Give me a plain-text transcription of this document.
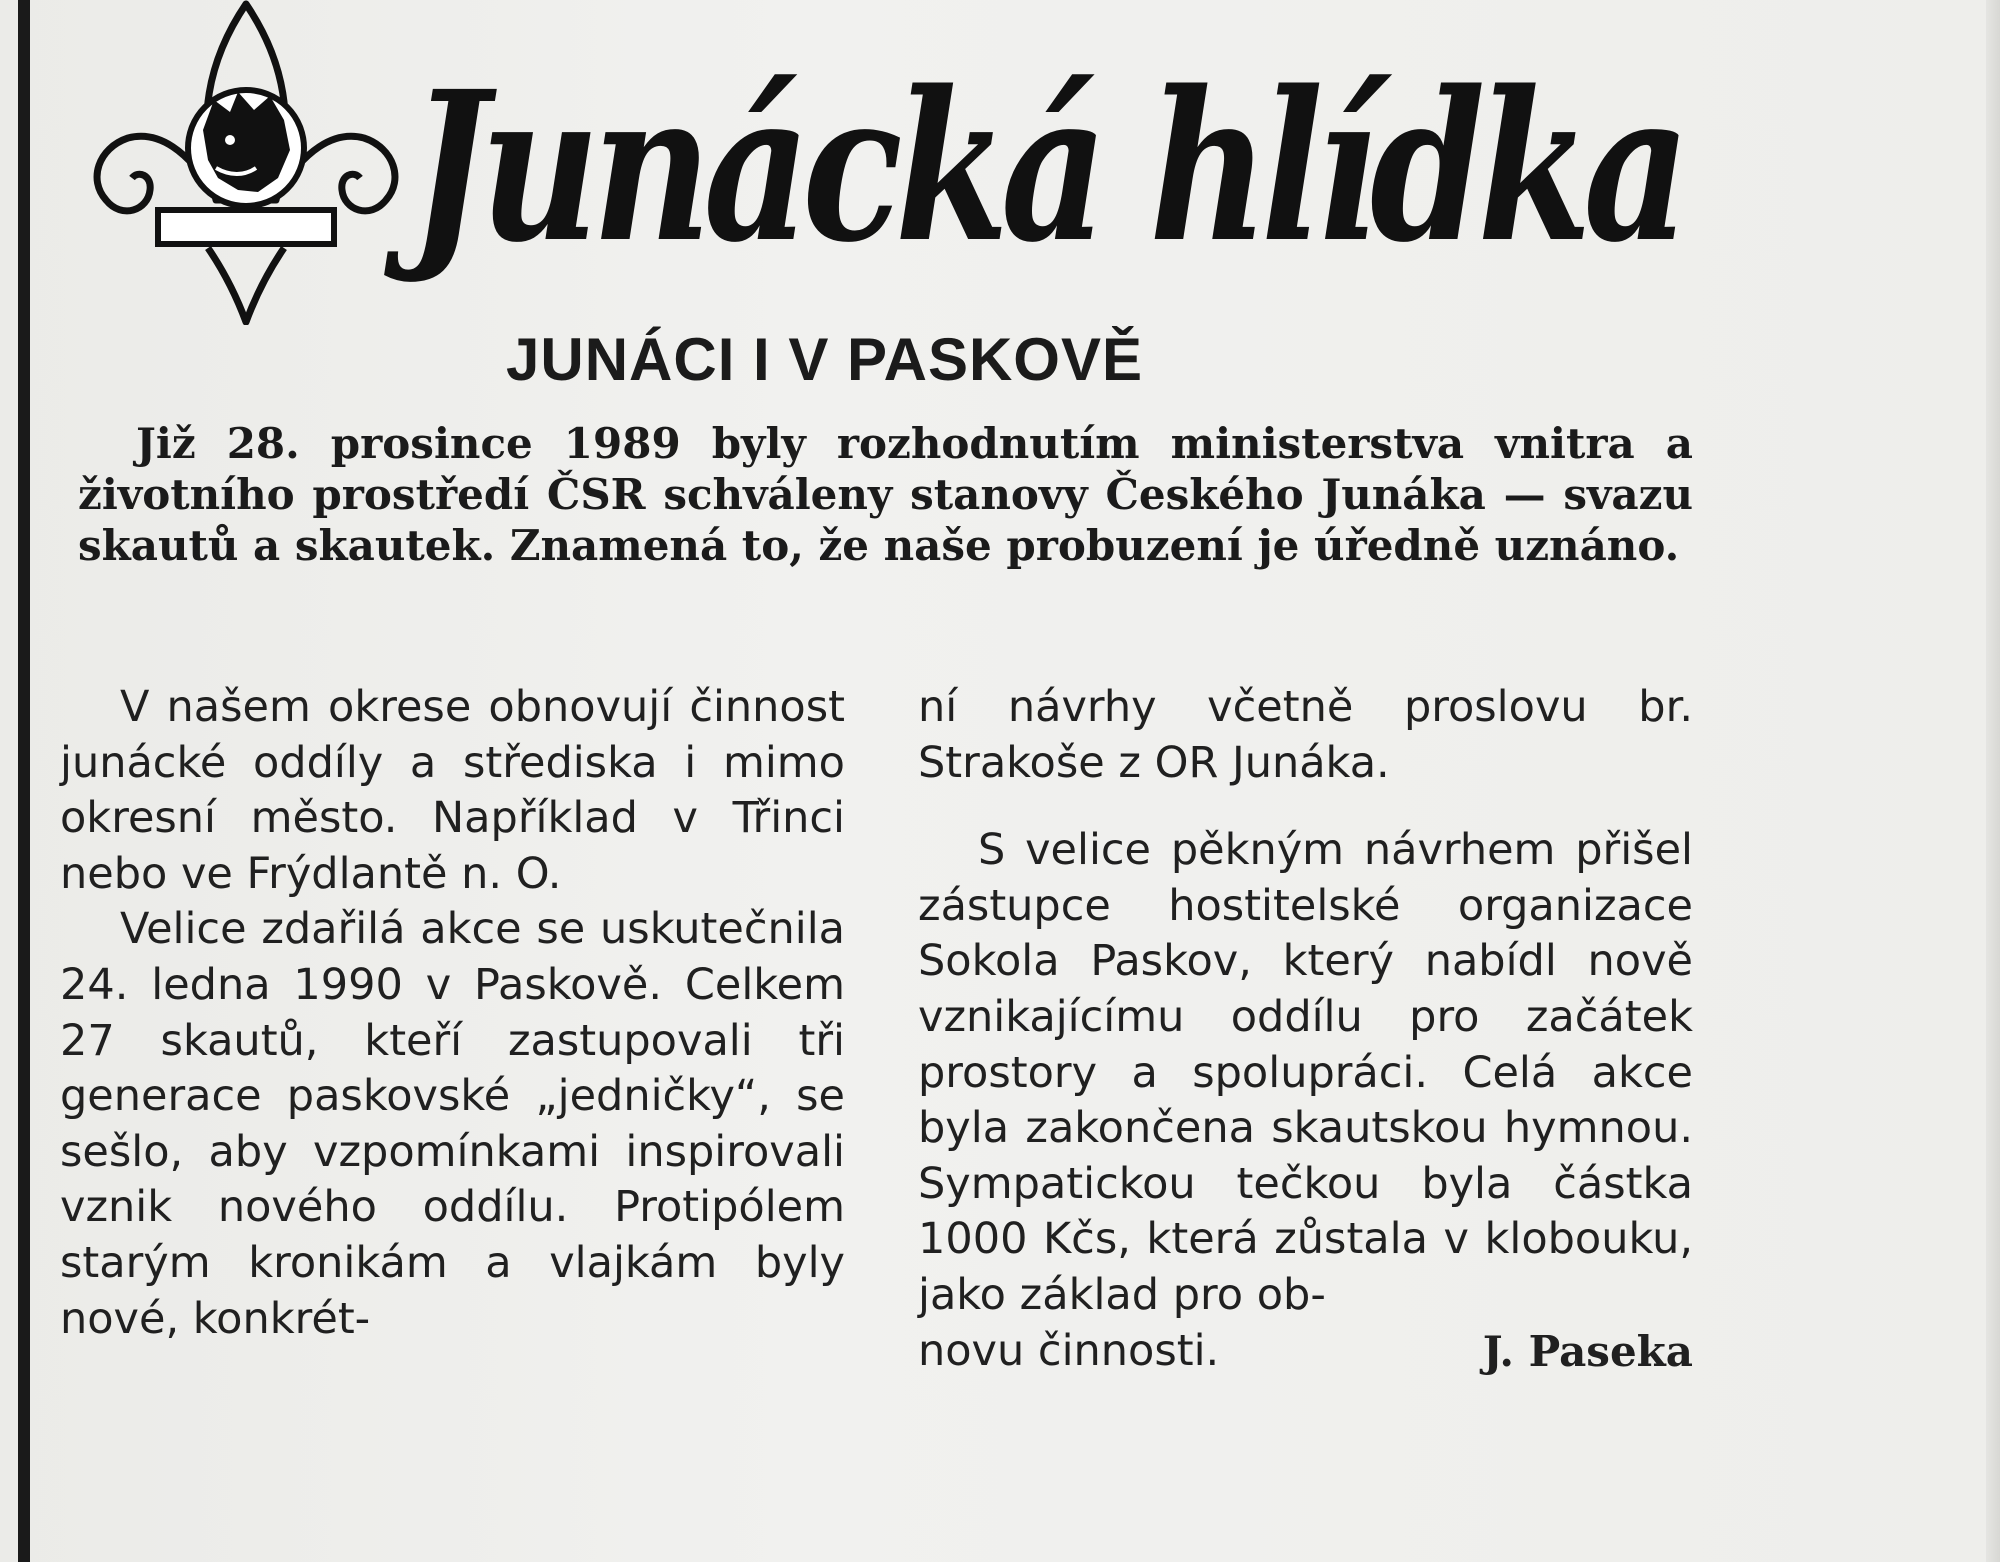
Junácká hlídka
JUNÁCI I V PASKOVĚ
Již 28. prosince 1989 byly rozhodnutím ministerstva vnitra a životního prostředí ČSR schváleny stanovy Českého Junáka — svazu skautů a skautek. Znamená to, že naše probuzení je úředně uznáno.

V našem okrese obnovují činnost junácké oddíly a střediska i mimo okresní město. Například v Třinci nebo ve Frýdlantě n. O.

Velice zdařilá akce se uskutečnila 24. ledna 1990 v Paskově. Celkem 27 skautů, kteří zastupovali tři generace paskovské „jedničky“, se sešlo, aby vzpomínkami inspirovali vznik nového oddílu. Protipólem starým kronikám a vlajkám byly nové, konkrét-

ní návrhy včetně proslovu br. Strakoše z OR Junáka.

S velice pěkným návrhem přišel zástupce hostitelské organizace Sokola Paskov, který nabídl nově vznikajícímu oddílu pro začátek prostory a spolupráci. Celá akce byla zakončena skautskou hymnou. Sympatickou tečkou byla částka 1000 Kčs, která zůstala v klobouku, jako základ pro ob-

novu činnosti.	J. Paseka
